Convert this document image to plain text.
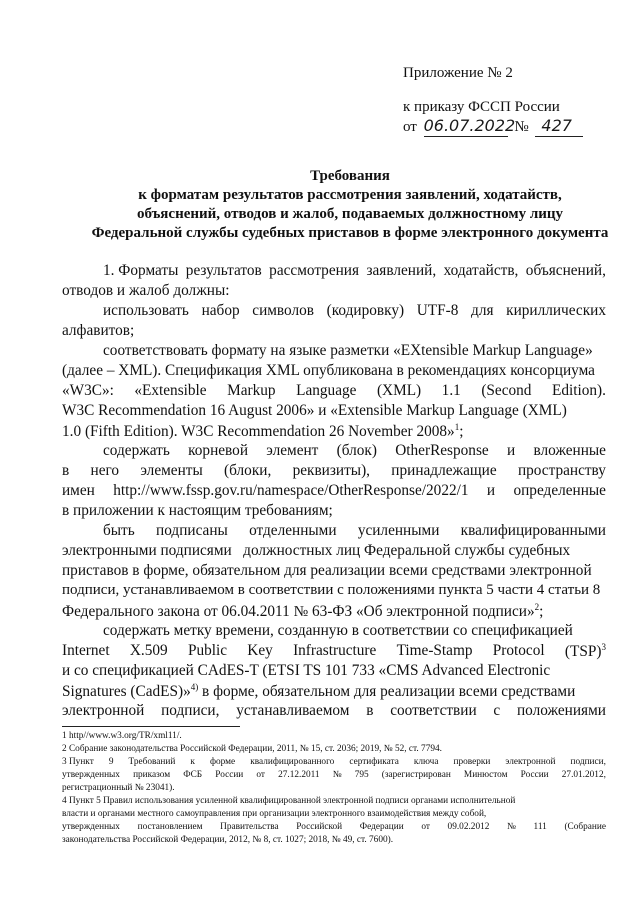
Приложение № 2
к приказу ФССП России
от 06.07.2022 № 427
Требования
к форматам результатов рассмотрения заявлений, ходатайств,
объяснений, отводов и жалоб, подаваемых должностному лицу
Федеральной службы судебных приставов в форме электронного документа
1. Форматы результатов рассмотрения заявлений, ходатайств, объяснений,
отводов и жалоб должны:
использовать набор символов (кодировку) UTF-8 для кириллических
алфавитов;
соответствовать формату на языке разметки «EXtensible Markup Language»
(далее – XML). Спецификация XML опубликована в рекомендациях консорциума
«W3C»: «Extensible Markup Language (XML) 1.1 (Second Edition).
W3C Recommendation 16 August 2006» и «Extensible Markup Language (XML)
1.0 (Fifth Edition). W3C Recommendation 26 November 2008»$^1$;
содержать корневой элемент (блок) OtherResponse и вложенные
в него элементы (блоки, реквизиты), принадлежащие пространству
имен http://www.fssp.gov.ru/namespace/OtherResponse/2022/1 и определенные
в приложении к настоящим требованиям;
быть подписаны отделенными усиленными квалифицированными
электронными подписями   должностных лиц Федеральной службы судебных
приставов в форме, обязательном для реализации всеми средствами электронной
подписи, устанавливаемом в соответствии с положениями пункта 5 части 4 статьи 8
Федерального закона от 06.04.2011 № 63-ФЗ «Об электронной подписи»$^2$;
содержать метку времени, созданную в соответствии со спецификацией
Internet X.509 Public Key Infrastructure Time-Stamp Protocol (TSP)$^3$
и со спецификацией CAdES-T (ETSI TS 101 733 «CMS Advanced Electronic
Signatures (CadES)»$^{4)}$ в форме, обязательном для реализации всеми средствами
электронной подписи, устанавливаемом в соответствии с положениями
1 http//www.w3.org/TR/xml11/.
2 Собрание законодательства Российской Федерации, 2011, № 15, ст. 2036; 2019, № 52, ст. 7794.
3 Пункт 9 Требований к форме квалифицированного сертификата ключа проверки электронной подписи,
утвержденных приказом ФСБ России от 27.12.2011 № 795 (зарегистрирован Минюстом России 27.01.2012,
регистрационный № 23041).
4 Пункт 5 Правил использования усиленной квалифицированной электронной подписи органами исполнительной
власти и органами местного самоуправления при организации электронного взаимодействия между собой,
утвержденных постановлением Правительства Российской Федерации от 09.02.2012 № 111 (Собрание
законодательства Российской Федерации, 2012, № 8, ст. 1027; 2018, № 49, ст. 7600).
